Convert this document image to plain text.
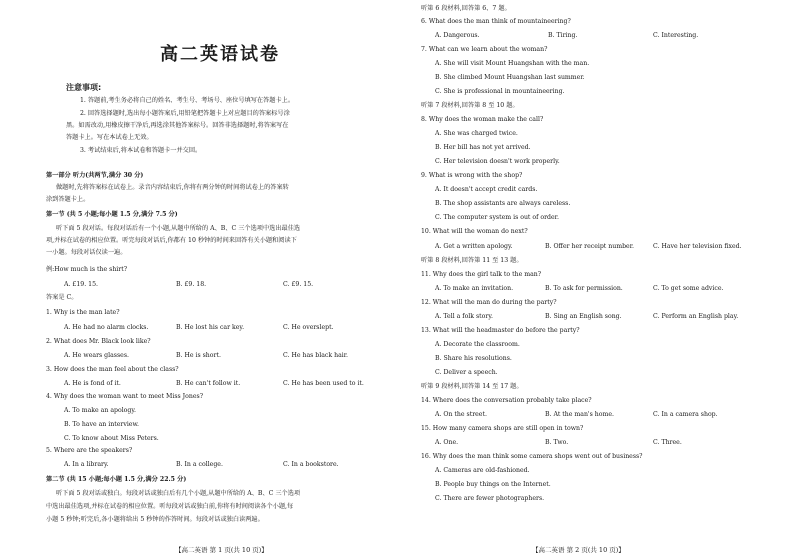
高二英语试卷
注意事项:
1. 答题前,考生务必将自己的姓名、考生号、考场号、座位号填写在答题卡上。
2. 回答选择题时,选出每小题答案后,用铅笔把答题卡上对应题目的答案标号涂
黑。如需改动,用橡皮擦干净后,再选涂其他答案标号。回答非选择题时,将答案写在
答题卡上。写在本试卷上无效。
3. 考试结束后,将本试卷和答题卡一并交回。
第一部分 听力(共两节,满分 30 分)
做题时,先将答案标在试卷上。录音内容结束后,你将有两分钟的时间将试卷上的答案转
涂到答题卡上。
第一节 (共 5 小题;每小题 1.5 分,满分 7.5 分)
听下面 5 段对话。每段对话后有一个小题,从题中所给的 A、B、C 三个选项中选出最佳选
项,并标在试卷的相应位置。听完每段对话后,你都有 10 秒钟的时间来回答有关小题和阅读下
一小题。每段对话仅读一遍。
例:How much is the shirt?
A. £19. 15.	B. £9. 18.	C. £9. 15.
答案是 C。
1. Why is the man late?
A. He had no alarm clocks.	B. He lost his car key.	C. He overslept.
2. What does Mr. Black look like?
A. He wears glasses.	B. He is short.	C. He has black hair.
3. How does the man feel about the class?
A. He is fond of it.	B. He can't follow it.	C. He has been used to it.
4. Why does the woman want to meet Miss Jones?
A. To make an apology.
B. To have an interview.
C. To know about Miss Peters.
5. Where are the speakers?
A. In a library.	B. In a college.	C. In a bookstore.
第二节 (共 15 小题;每小题 1.5 分,满分 22.5 分)
听下面 5 段对话或独白。每段对话或独白后有几个小题,从题中所给的 A、B、C 三个选项
中选出最佳选项,并标在试卷的相应位置。听每段对话或独白前,你将有时间阅读各个小题,每
小题 5 秒钟;听完后,各小题将给出 5 秒钟的作答时间。每段对话或独白读两遍。
【高二英语 第 1 页(共 10 页)】
听第 6 段材料,回答第 6、7 题。
6. What does the man think of mountaineering?
A. Dangerous.	B. Tiring.	C. Interesting.
7. What can we learn about the woman?
A. She will visit Mount Huangshan with the man.
B. She climbed Mount Huangshan last summer.
C. She is professional in mountaineering.
听第 7 段材料,回答第 8 至 10 题。
8. Why does the woman make the call?
A. She was charged twice.
B. Her bill has not yet arrived.
C. Her television doesn't work properly.
9. What is wrong with the shop?
A. It doesn't accept credit cards.
B. The shop assistants are always careless.
C. The computer system is out of order.
10. What will the woman do next?
A. Get a written apology.	B. Offer her receipt number.	C. Have her television fixed.
听第 8 段材料,回答第 11 至 13 题。
11. Why does the girl talk to the man?
A. To make an invitation.	B. To ask for permission.	C. To get some advice.
12. What will the man do during the party?
A. Tell a folk story.	B. Sing an English song.	C. Perform an English play.
13. What will the headmaster do before the party?
A. Decorate the classroom.
B. Share his resolutions.
C. Deliver a speech.
听第 9 段材料,回答第 14 至 17 题。
14. Where does the conversation probably take place?
A. On the street.	B. At the man's home.	C. In a camera shop.
15. How many camera shops are still open in town?
A. One.	B. Two.	C. Three.
16. Why does the man think some camera shops went out of business?
A. Cameras are old-fashioned.
B. People buy things on the Internet.
C. There are fewer photographers.
【高二英语 第 2 页(共 10 页)】
